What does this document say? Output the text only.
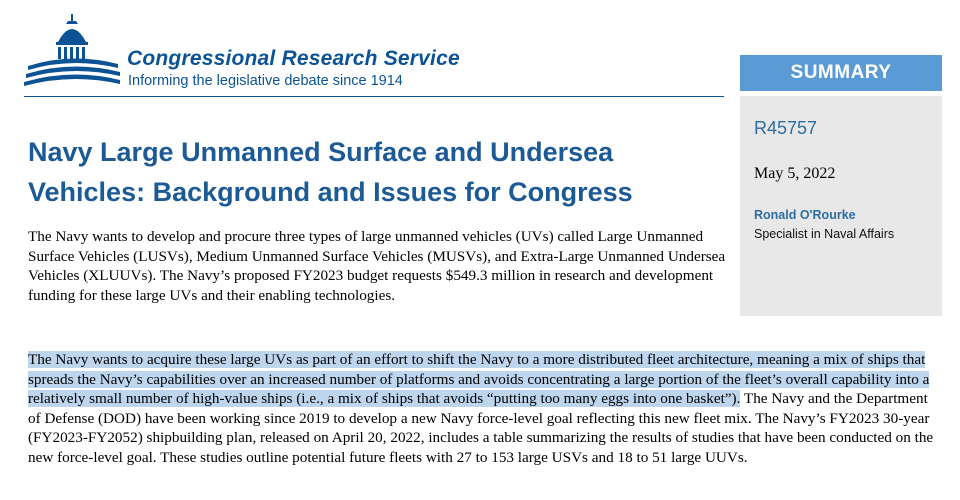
Congressional Research Service
Informing the legislative debate since 1914	SUMMARY
R45757
May 5, 2022
Ronald O'Rourke
Specialist in Naval Affairs
Navy Large Unmanned Surface and Undersea Vehicles: Background and Issues for Congress

The Navy wants to develop and procure three types of large unmanned vehicles (UVs) called Large Unmanned Surface Vehicles (LUSVs), Medium Unmanned Surface Vehicles (MUSVs), and Extra-Large Unmanned Undersea Vehicles (XLUUVs). The Navy’s proposed FY2023 budget requests $549.3 million in research and development funding for these large UVs and their enabling technologies.

The Navy wants to acquire these large UVs as part of an effort to shift the Navy to a more distributed fleet architecture, meaning a mix of ships that spreads the Navy’s capabilities over an increased number of platforms and avoids concentrating a large portion of the fleet’s overall capability into a relatively small number of high-value ships (i.e., a mix of ships that avoids “putting too many eggs into one basket”). The Navy and the Department of Defense (DOD) have been working since 2019 to develop a new Navy force-level goal reflecting this new fleet mix. The Navy’s FY2023 30-year (FY2023-FY2052) shipbuilding plan, released on April 20, 2022, includes a table summarizing the results of studies that have been conducted on the new force-level goal. These studies outline potential future fleets with 27 to 153 large USVs and 18 to 51 large UUVs.
